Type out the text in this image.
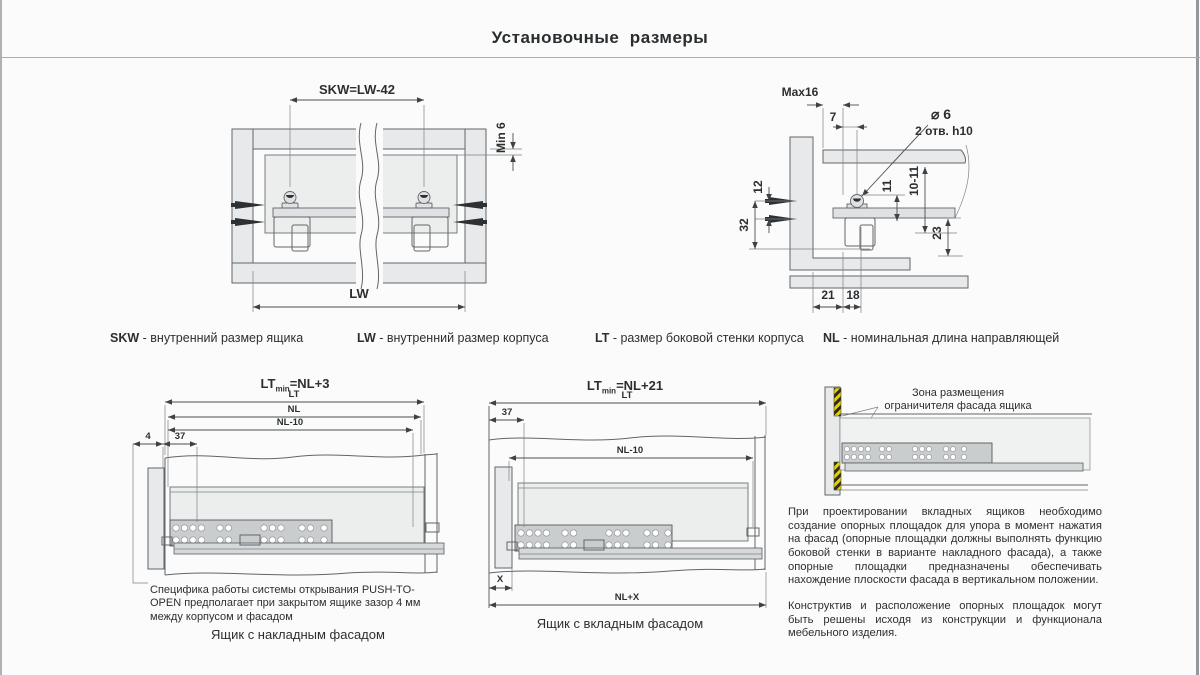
Установочные  размеры
SKW=LW-42
Min 6
LW
Max16
7	⌀ 6
2 отв. h10
12
32
11 10-11
23
21 18
SKW - внутренний размер ящика	LW - внутренний размер корпуса	LT - размер боковой стенки корпуса NL - номинальная длина направляющей
$LT_{min}=NL+3$
LT
NL
NL-10
4	37
Специфика работы системы открывания PUSH-TO-OPEN предполагает при закрытом ящике зазор 4 мм между корпусом и фасадом
Ящик с накладным фасадом
$LT_{min}=NL+21$
LT
37
NL-10
X
NL+X
Ящик с вкладным фасадом
Зона размещения
ограничителя фасада ящика

При проектировании вкладных ящиков необходимо создание опорных площадок для упора в момент нажатия на фасад (опорные площадки должны выполнять функцию боковой стенки в варианте накладного фасада), а также опорные площадки предназначены обеспечивать нахождение плоскости фасада в вертикальном положении.

Конструктив и расположение опорных площадок могут быть решены исходя из конструкции и функционала мебельного изделия.
